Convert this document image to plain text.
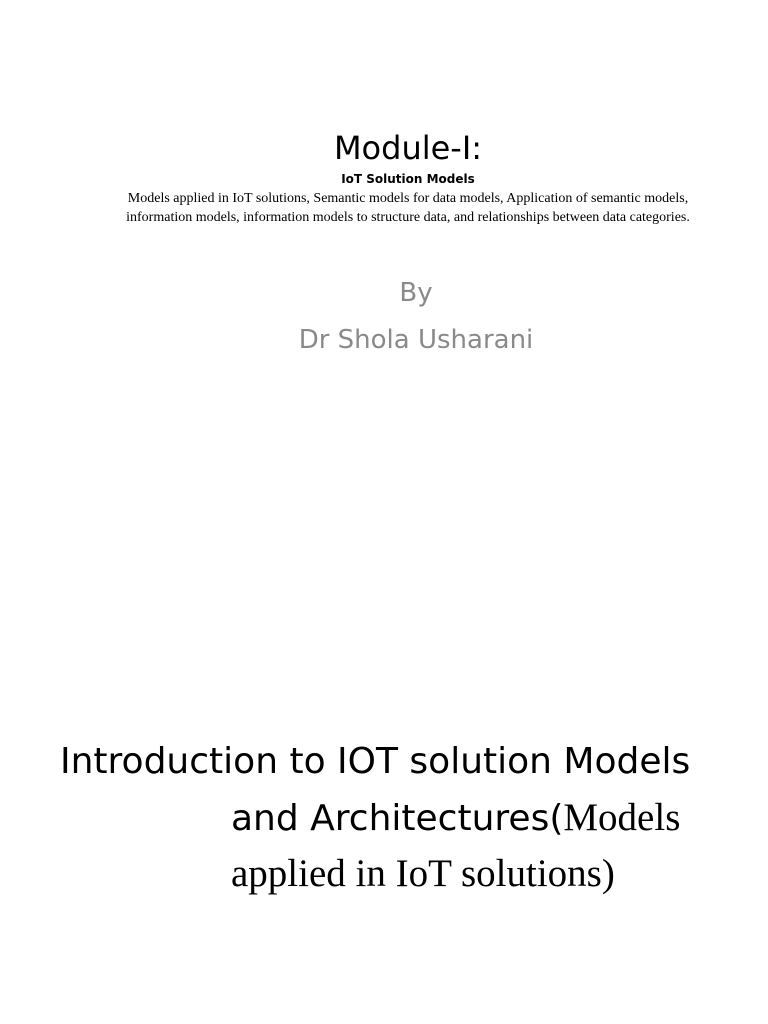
Module-I:
IoT Solution Models
Models applied in IoT solutions, Semantic models for data models, Application of semantic models,
information models, information models to structure data, and relationships between data categories.
By
Dr Shola Usharani
Introduction to IOT solution Models
and Architectures(Models
applied in IoT solutions)
